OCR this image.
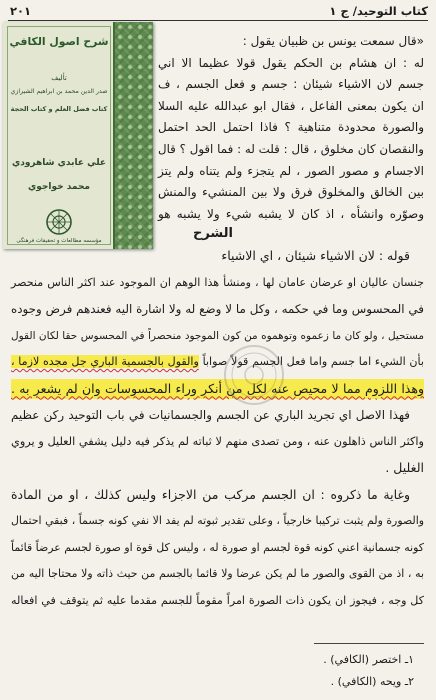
كتاب التوحيد/ ج ١
٢٠١
«قال سمعت يونس بن ظبيان يقول :
له : ان هشام بن الحكم يقول قولا عظيما الا اني
جسم لان الاشياء شيئان : جسم و فعل الجسم ، ف
ان يكون بمعنى الفاعل ، فقال ابو عبدالله عليه السلا
والصورة محدودة متناهية ؟ فاذا احتمل الحد احتمل
والنقصان كان مخلوق ، قال : قلت له : فما اقول ؟ قال
الاجسام و مصور الصور ، لم يتجزء ولم يتناه ولم يتز
بين الخالق والمخلوق فرق ولا بين المنشيء والمنش
وصوّره وانشأه ، اذ كان لا يشبه شيء ولا يشبه هو
الشرح
قوله : لان الاشياء شيئان ، اي الاشياء
جنسان عاليان او عرضان عامان لها ، ومنشأ هذا الوهم ان الموجود عند اكثر الناس منحصر
في المحسوس وما في حكمه ، وكل ما لا وضع له ولا اشارة اليه فعندهم فرض وجوده
مستحيل ، ولو كان ما زعموه وتوهموه من كون الموجود منحصراً في المحسوس حقا لكان القول
بأن الشيء اما جسم واما فعل الجسم قولاً صواباً والقول بالجسمية الباري جل مجده لازما ،
وهذا اللزوم مما لا محيص عنه لكل من أنكر وراء المحسوسات وان لم يشعر به .
فهذا الاصل اي تجريد الباري عن الجسم والجسمانيات في باب التوحيد ركن عظيم
واكثر الناس ذاهلون عنه ، ومن تصدى منهم لا ثباته لم يذكر فيه دليل يشفي العليل و يروي
الغليل .
وغاية ما ذكروه : ان الجسم مركب من الاجزاء وليس كذلك ، او من المادة
والصورة ولم يثبت تركيبا خارجياً ، وعلى تقدير ثبوته لم يفد الا نفي كونه جسماً ، فبقي احتمال
كونه جسمانية اعني كونه قوة لجسم او صورة له ، وليس كل قوة او صورة لجسم عرضاً قائماً
به ، اذ من القوى والصور ما لم يكن عرضا ولا قائما بالجسم من حيث ذاته ولا محتاجا اليه من
كل وجه ، فيجوز ان يكون ذات الصورة امراً مقوماً للجسم مقدما عليه ثم يتوقف في افعاله
١ـ اختصر (الكافي) .
٢ـ ويحه (الكافي) .
شرح اصول الكافي
تأليف
صدر الدين محمد بن ابراهيم الشيرازي
كتاب فضل العلم و كتاب الحجة
علي عابدي شاهرودي
محمد خواجوي
مؤسسه مطالعات و تحقيقات فرهنگی
